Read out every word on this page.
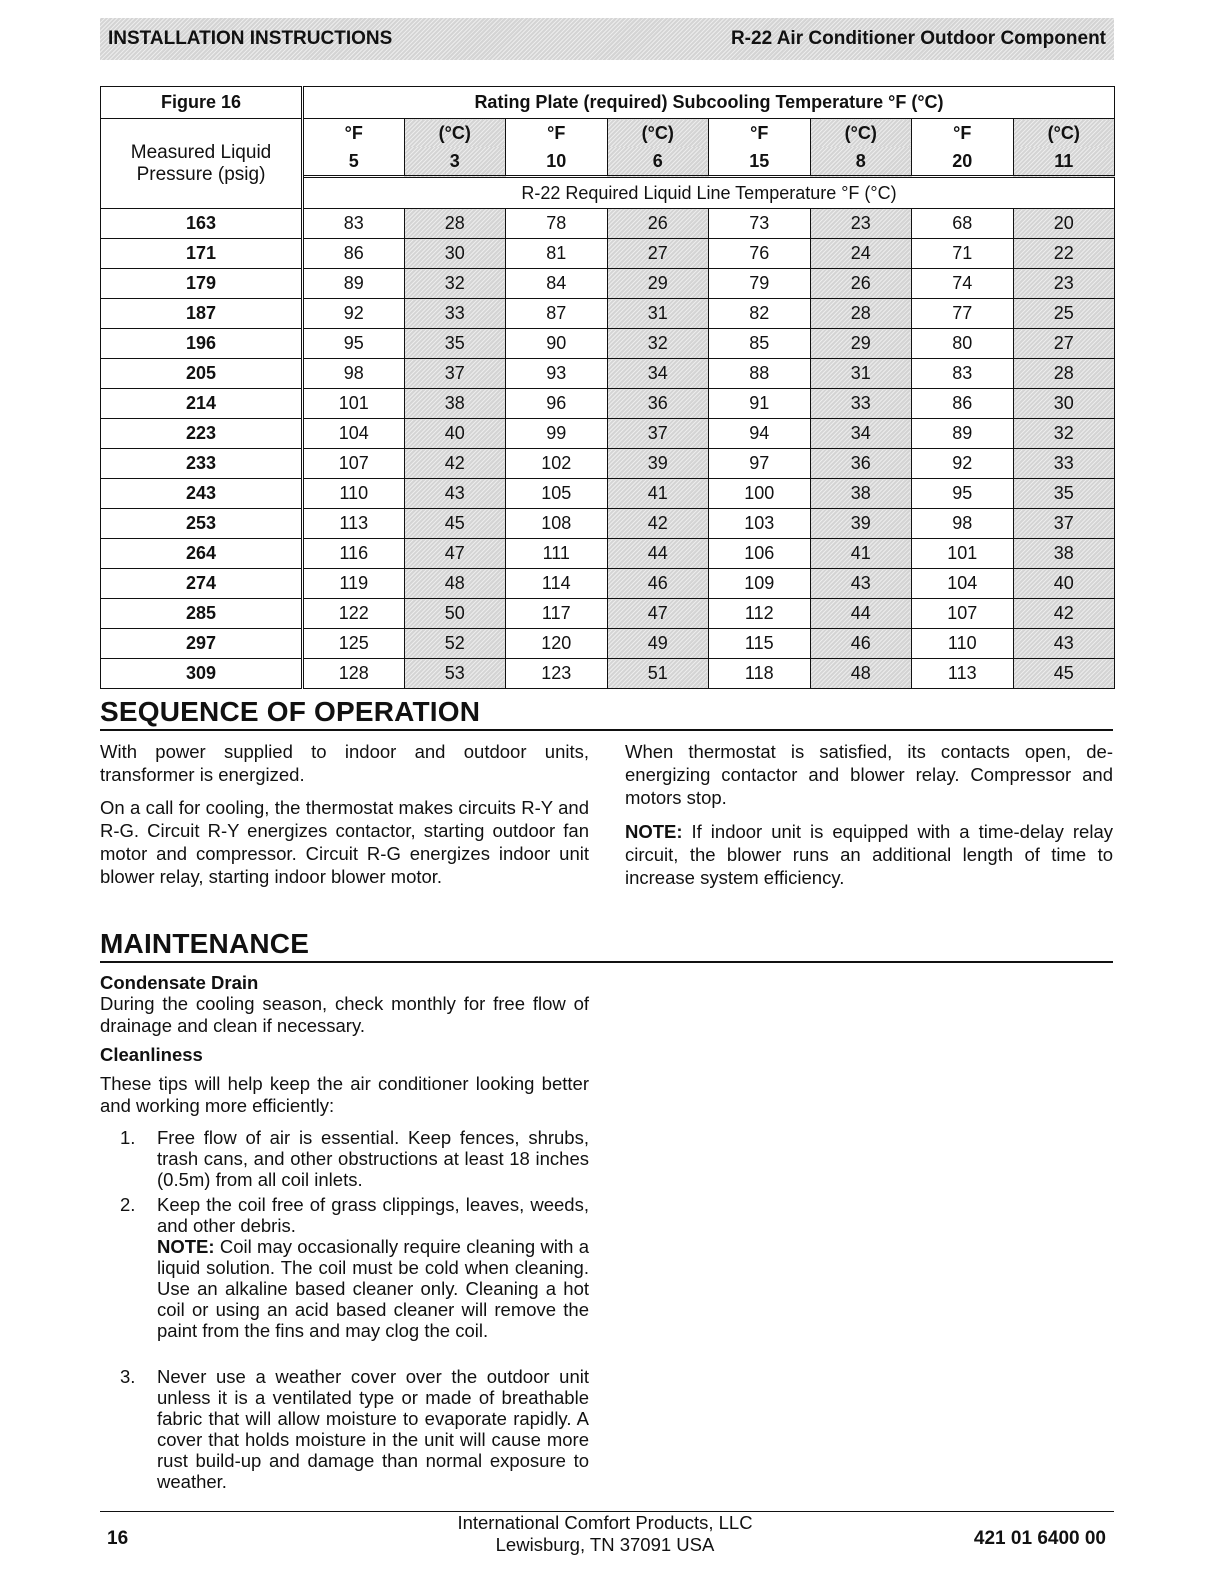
INSTALLATION INSTRUCTIONS	R-22 Air Conditioner Outdoor Component
Figure 16	Rating Plate (required) Subcooling Temperature °F (°C)							
Measured Liquid Pressure (psig)	°F	(°C)	°F	(°C)	°F	(°C)	°F	(°C)
	5	3	10	6	15	8	20	11
	R-22 Required Liquid Line Temperature °F (°C)							
163	83	28	78	26	73	23	68	20
171	86	30	81	27	76	24	71	22
179	89	32	84	29	79	26	74	23
187	92	33	87	31	82	28	77	25
196	95	35	90	32	85	29	80	27
205	98	37	93	34	88	31	83	28
214	101	38	96	36	91	33	86	30
223	104	40	99	37	94	34	89	32
233	107	42	102	39	97	36	92	33
243	110	43	105	41	100	38	95	35
253	113	45	108	42	103	39	98	37
264	116	47	111	44	106	41	101	38
274	119	48	114	46	109	43	104	40
285	122	50	117	47	112	44	107	42
297	125	52	120	49	115	46	110	43
309	128	53	123	51	118	48	113	45
SEQUENCE OF OPERATION

With power supplied to indoor and outdoor units, transformer is energized.

On a call for cooling, the thermostat makes circuits R-Y and R-G. Circuit R-Y energizes contactor, starting outdoor fan motor and compressor. Circuit R-G energizes indoor unit blower relay, starting indoor blower motor.

When thermostat is satisfied, its contacts open, de-energizing contactor and blower relay. Compressor and motors stop.

NOTE: If indoor unit is equipped with a time-delay relay circuit, the blower runs an additional length of time to increase system efficiency.

MAINTENANCE
Condensate Drain

During the cooling season, check monthly for free flow of drainage and clean if necessary.

Cleanliness

These tips will help keep the air conditioner looking better and working more efficiently:

1. Free flow of air is essential. Keep fences, shrubs, trash cans, and other obstructions at least 18 inches (0.5m) from all coil inlets.
2. Keep the coil free of grass clippings, leaves, weeds, and other debris.
NOTE: Coil may occasionally require cleaning with a liquid solution. The coil must be cold when cleaning. Use an alkaline based cleaner only. Cleaning a hot coil or using an acid based cleaner will remove the paint from the fins and may clog the coil.
3. Never use a weather cover over the outdoor unit unless it is a ventilated type or made of breathable fabric that will allow moisture to evaporate rapidly. A cover that holds moisture in the unit will cause more rust build-up and damage than normal exposure to weather.
16
International Comfort Products, LLC
Lewisburg, TN 37091 USA	421 01 6400 00
